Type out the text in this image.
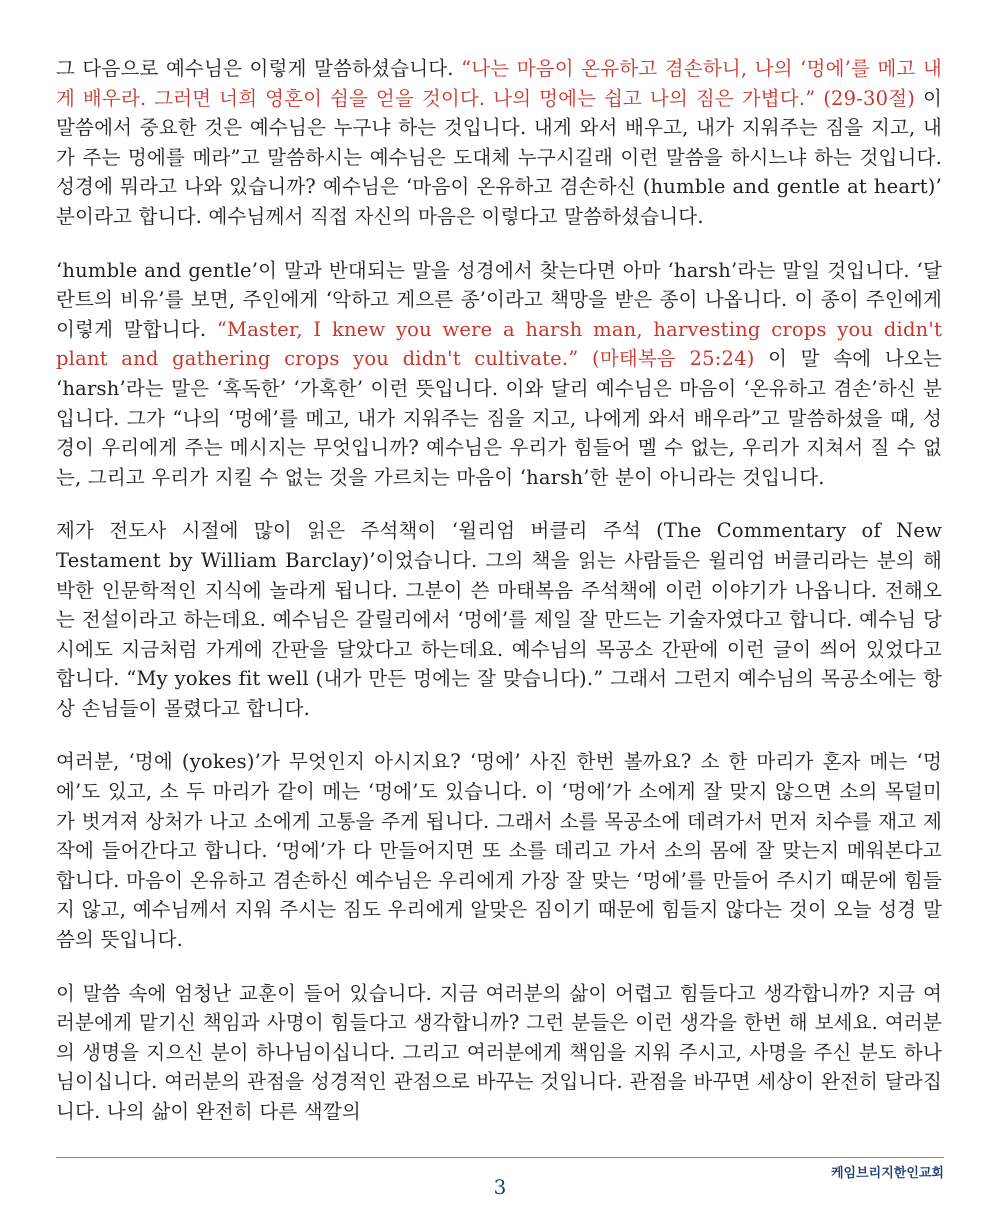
그 다음으로 예수님은 이렇게 말씀하셨습니다. “나는 마음이 온유하고 겸손하니, 나의 ‘멍에’를 메고 내게 배우라. 그러면 너희 영혼이 쉼을 얻을 것이다. 나의 멍에는 쉽고 나의 짐은 가볍다.” (29-30절) 이 말씀에서 중요한 것은 예수님은 누구냐 하는 것입니다. 내게 와서 배우고, 내가 지워주는 짐을 지고, 내가 주는 멍에를 메라”고 말씀하시는 예수님은 도대체 누구시길래 이런 말씀을 하시느냐 하는 것입니다. 성경에 뭐라고 나와 있습니까? 예수님은 ‘마음이 온유하고 겸손하신 (humble and gentle at heart)’ 분이라고 합니다. 예수님께서 직접 자신의 마음은 이렇다고 말씀하셨습니다.

‘humble and gentle’이 말과 반대되는 말을 성경에서 찾는다면 아마 ‘harsh’라는 말일 것입니다. ‘달란트의 비유’를 보면, 주인에게 ‘악하고 게으른 종’이라고 책망을 받은 종이 나옵니다. 이 종이 주인에게 이렇게 말합니다. “Master, I knew you were a harsh man, harvesting crops you didn't plant and gathering crops you didn't cultivate.” (마태복음 25:24) 이 말 속에 나오는 ‘harsh’라는 말은 ‘혹독한’ ‘가혹한’ 이런 뜻입니다. 이와 달리 예수님은 마음이 ‘온유하고 겸손’하신 분입니다. 그가 “나의 ‘멍에’를 메고, 내가 지워주는 짐을 지고, 나에게 와서 배우라”고 말씀하셨을 때, 성경이 우리에게 주는 메시지는 무엇입니까? 예수님은 우리가 힘들어 멜 수 없는, 우리가 지쳐서 질 수 없는, 그리고 우리가 지킬 수 없는 것을 가르치는 마음이 ‘harsh’한 분이 아니라는 것입니다.

제가 전도사 시절에 많이 읽은 주석책이 ‘윌리엄 버클리 주석 (The Commentary of New Testament by William Barclay)’이었습니다. 그의 책을 읽는 사람들은 윌리엄 버클리라는 분의 해박한 인문학적인 지식에 놀라게 됩니다. 그분이 쓴 마태복음 주석책에 이런 이야기가 나옵니다. 전해오는 전설이라고 하는데요. 예수님은 갈릴리에서 ‘멍에’를 제일 잘 만드는 기술자였다고 합니다. 예수님 당시에도 지금처럼 가게에 간판을 달았다고 하는데요. 예수님의 목공소 간판에 이런 글이 씌어 있었다고 합니다. “My yokes fit well (내가 만든 멍에는 잘 맞습니다).” 그래서 그런지 예수님의 목공소에는 항상 손님들이 몰렸다고 합니다.

여러분, ‘멍에 (yokes)’가 무엇인지 아시지요? ‘멍에’ 사진 한번 볼까요? 소 한 마리가 혼자 메는 ‘멍에’도 있고, 소 두 마리가 같이 메는 ‘멍에’도 있습니다. 이 ‘멍에’가 소에게 잘 맞지 않으면 소의 목덜미가 벗겨져 상처가 나고 소에게 고통을 주게 됩니다. 그래서 소를 목공소에 데려가서 먼저 치수를 재고 제작에 들어간다고 합니다. ‘멍에’가 다 만들어지면 또 소를 데리고 가서 소의 몸에 잘 맞는지 메워본다고 합니다. 마음이 온유하고 겸손하신 예수님은 우리에게 가장 잘 맞는 ‘멍에’를 만들어 주시기 때문에 힘들지 않고, 예수님께서 지워 주시는 짐도 우리에게 알맞은 짐이기 때문에 힘들지 않다는 것이 오늘 성경 말씀의 뜻입니다.

이 말씀 속에 엄청난 교훈이 들어 있습니다. 지금 여러분의 삶이 어렵고 힘들다고 생각합니까? 지금 여러분에게 맡기신 책임과 사명이 힘들다고 생각합니까? 그런 분들은 이런 생각을 한번 해 보세요. 여러분의 생명을 지으신 분이 하나님이십니다. 그리고 여러분에게 책임을 지워 주시고, 사명을 주신 분도 하나님이십니다. 여러분의 관점을 성경적인 관점으로 바꾸는 것입니다. 관점을 바꾸면 세상이 완전히 달라집니다. 나의 삶이 완전히 다른 색깔의

케임브리지한인교회
3
